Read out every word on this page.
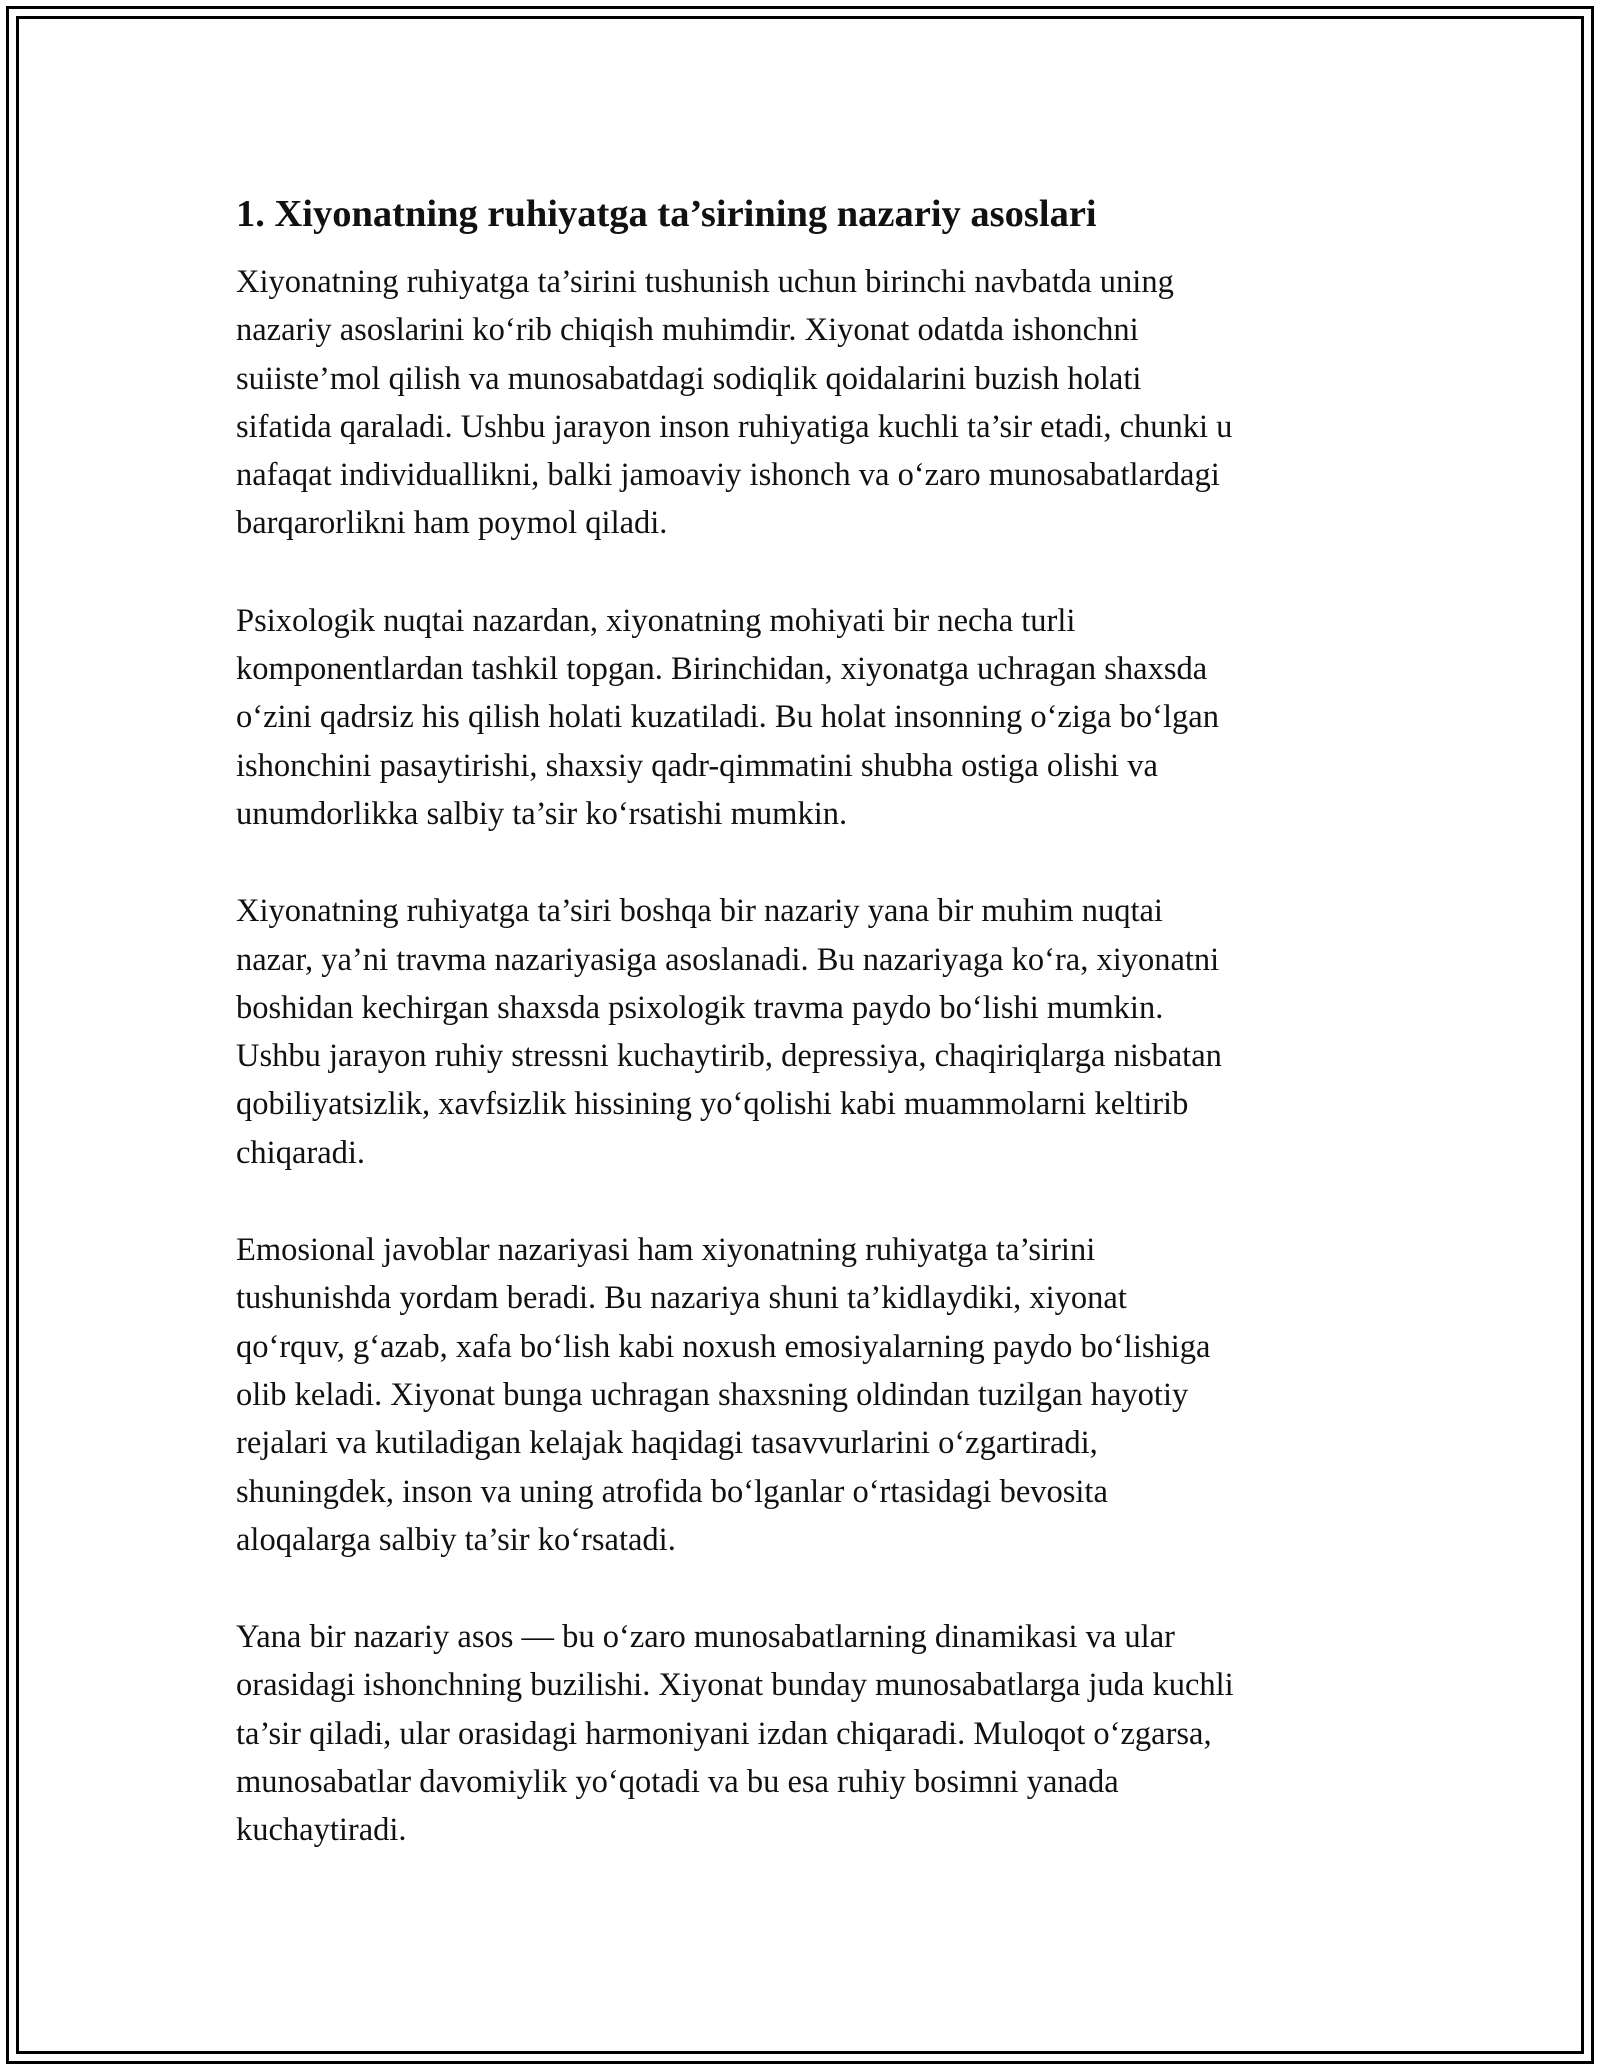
1. Xiyonatning ruhiyatga ta’sirining nazariy asoslari

Xiyonatning ruhiyatga ta’sirini tushunish uchun birinchi navbatda uning
nazariy asoslarini ko‘rib chiqish muhimdir. Xiyonat odatda ishonchni
suiiste’mol qilish va munosabatdagi sodiqlik qoidalarini buzish holati
sifatida qaraladi. Ushbu jarayon inson ruhiyatiga kuchli ta’sir etadi, chunki u
nafaqat individuallikni, balki jamoaviy ishonch va o‘zaro munosabatlardagi
barqarorlikni ham poymol qiladi.

Psixologik nuqtai nazardan, xiyonatning mohiyati bir necha turli
komponentlardan tashkil topgan. Birinchidan, xiyonatga uchragan shaxsda
o‘zini qadrsiz his qilish holati kuzatiladi. Bu holat insonning o‘ziga bo‘lgan
ishonchini pasaytirishi, shaxsiy qadr-qimmatini shubha ostiga olishi va
unumdorlikka salbiy ta’sir ko‘rsatishi mumkin.

Xiyonatning ruhiyatga ta’siri boshqa bir nazariy yana bir muhim nuqtai
nazar, ya’ni travma nazariyasiga asoslanadi. Bu nazariyaga ko‘ra, xiyonatni
boshidan kechirgan shaxsda psixologik travma paydo bo‘lishi mumkin.
Ushbu jarayon ruhiy stressni kuchaytirib, depressiya, chaqiriqlarga nisbatan
qobiliyatsizlik, xavfsizlik hissining yo‘qolishi kabi muammolarni keltirib
chiqaradi.

Emosional javoblar nazariyasi ham xiyonatning ruhiyatga ta’sirini
tushunishda yordam beradi. Bu nazariya shuni ta’kidlaydiki, xiyonat
qo‘rquv, g‘azab, xafa bo‘lish kabi noxush emosiyalarning paydo bo‘lishiga
olib keladi. Xiyonat bunga uchragan shaxsning oldindan tuzilgan hayotiy
rejalari va kutiladigan kelajak haqidagi tasavvurlarini o‘zgartiradi,
shuningdek, inson va uning atrofida bo‘lganlar o‘rtasidagi bevosita
aloqalarga salbiy ta’sir ko‘rsatadi.

Yana bir nazariy asos — bu o‘zaro munosabatlarning dinamikasi va ular
orasidagi ishonchning buzilishi. Xiyonat bunday munosabatlarga juda kuchli
ta’sir qiladi, ular orasidagi harmoniyani izdan chiqaradi. Muloqot o‘zgarsa,
munosabatlar davomiylik yo‘qotadi va bu esa ruhiy bosimni yanada
kuchaytiradi.
